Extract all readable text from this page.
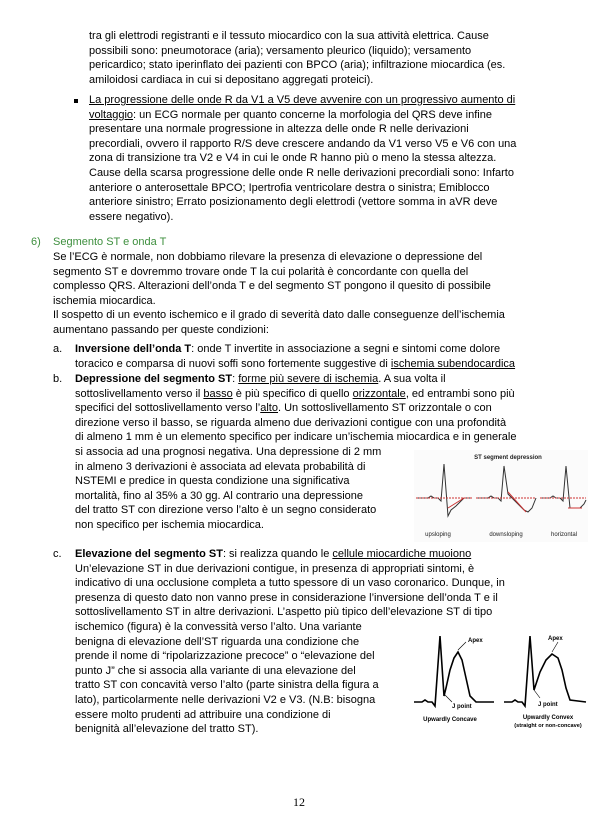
tra gli elettrodi registranti e il tessuto miocardico con la sua attività elettrica. Cause

possibili sono: pneumotorace (aria); versamento pleurico (liquido); versamento

pericardico; stato iperinflato dei pazienti con BPCO (aria); infiltrazione miocardica (es.

amiloidosi cardiaca in cui si depositano aggregati proteici).

La progressione delle onde R da V1 a V5 deve avvenire con un progressivo aumento di

voltaggio: un ECG normale per quanto concerne la morfologia del QRS deve infine

presentare una normale progressione in altezza delle onde R nelle derivazioni

precordiali, ovvero il rapporto R/S deve crescere andando da V1 verso V5 e V6 con una

zona di transizione tra V2 e V4 in cui le onde R hanno più o meno la stessa altezza.

Cause della scarsa progressione delle onde R nelle derivazioni precordiali sono: Infarto

anteriore o anterosettale BPCO; Ipertrofia ventricolare destra o sinistra; Emiblocco

anteriore sinistro; Errato posizionamento degli elettrodi (vettore somma in aVR deve

essere negativo).

6) Segmento ST e onda T

Se l’ECG è normale, non dobbiamo rilevare la presenza di elevazione o depressione del

segmento ST e dovremmo trovare onde T la cui polarità è concordante con quella del

complesso QRS. Alterazioni dell’onda T e del segmento ST pongono il quesito di possibile

ischemia miocardica.

Il sospetto di un evento ischemico e il grado di severità dato dalle conseguenze dell’ischemia

aumentano passando per queste condizioni:

a. Inversione dell’onda T: onde T invertite in associazione a segni e sintomi come dolore

toracico e comparsa di nuovi soffi sono fortemente suggestive di ischemia subendocardica

b. Depressione del segmento ST: forme più severe di ischemia. A sua volta il

sottoslivellamento verso il basso è più specifico di quello orizzontale, ed entrambi sono più

specifici del sottoslivellamento verso l’alto. Un sottoslivellamento ST orizzontale o con

direzione verso il basso, se riguarda almeno due derivazioni contigue con una profondità

di almeno 1 mm è un elemento specifico per indicare un’ischemia miocardica e in generale

si associa ad una prognosi negativa. Una depressione di 2 mm

in almeno 3 derivazioni è associata ad elevata probabilità di

NSTEMI e predice in questa condizione una significativa

mortalità, fino al 35% a 30 gg. Al contrario una depressione

del tratto ST con direzione verso l’alto è un segno considerato

non specifico per ischemia miocardica.

ST segment depression
upsloping	downsloping	horizontal
c. Elevazione del segmento ST: si realizza quando le cellule miocardiche muoiono

Un’elevazione ST in due derivazioni contigue, in presenza di appropriati sintomi, è

indicativo di una occlusione completa a tutto spessore di un vaso coronarico. Dunque, in

presenza di questo dato non vanno prese in considerazione l’inversione dell’onda T e il

sottoslivellamento ST in altre derivazioni. L’aspetto più tipico dell’elevazione ST di tipo

ischemico (figura) è la convessità verso l’alto. Una variante

benigna di elevazione dell’ST riguarda una condizione che

prende il nome di “ripolarizzazione precoce” o “elevazione del

punto J” che si associa alla variante di una elevazione del

tratto ST con concavità verso l’alto (parte sinistra della figura a

lato), particolarmente nelle derivazioni V2 e V3. (N.B: bisogna

essere molto prudenti ad attribuire una condizione di

benignità all’elevazione del tratto ST).

Apex
J point
Upwardly Concave
Apex
J point
Upwardly Convex
(straight or non-concave)
12
